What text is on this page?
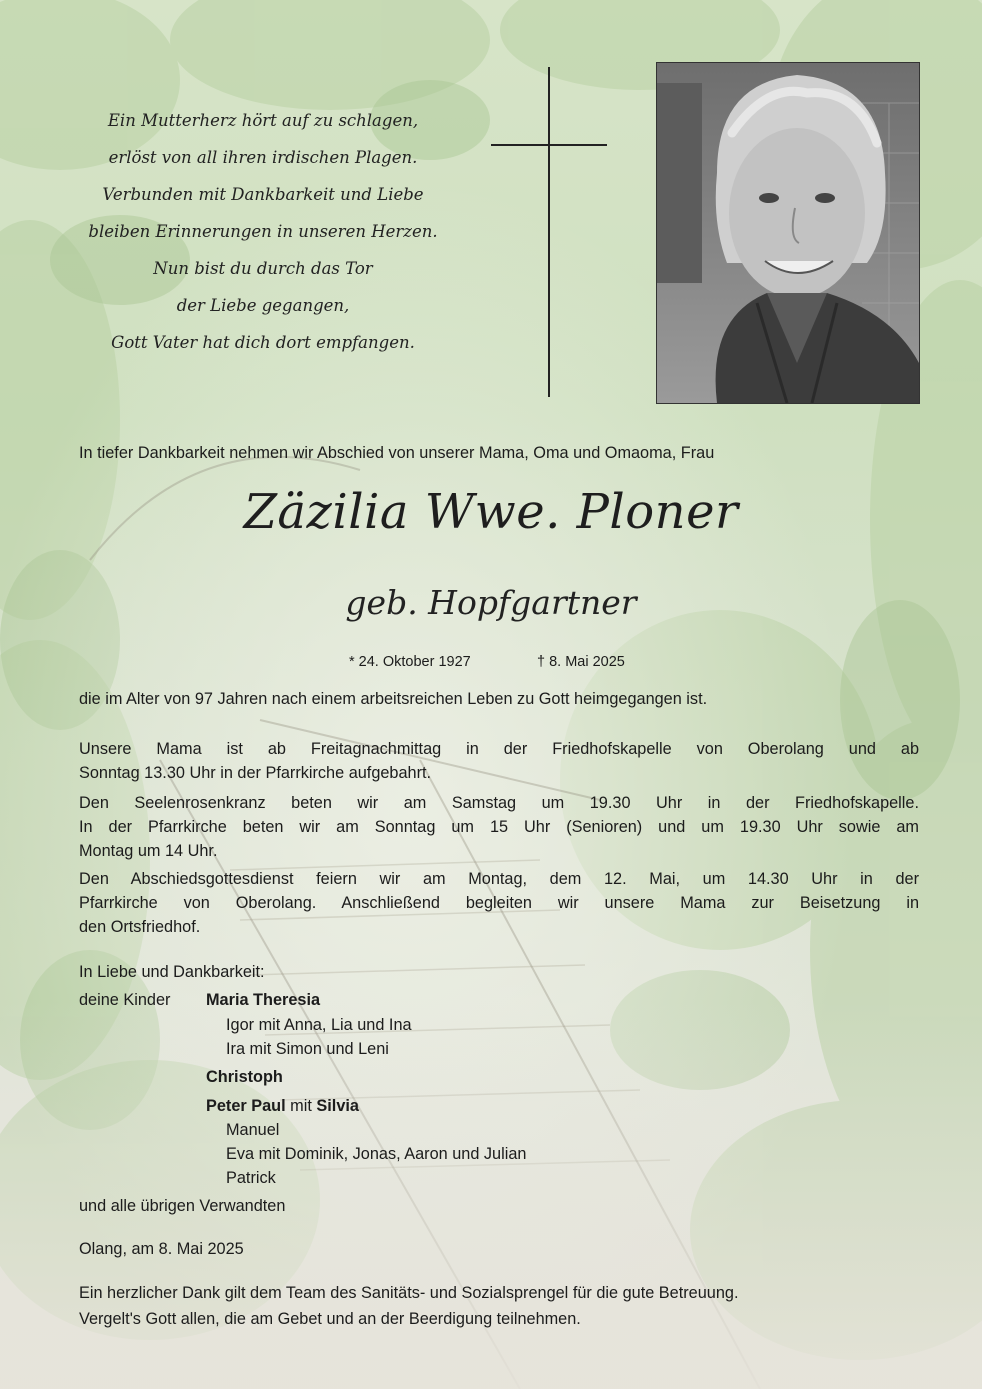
Ein Mutterherz hört auf zu schlagen,
erlöst von all ihren irdischen Plagen.
Verbunden mit Dankbarkeit und Liebe
bleiben Erinnerungen in unseren Herzen.
Nun bist du durch das Tor
der Liebe gegangen,
Gott Vater hat dich dort empfangen.
In tiefer Dankbarkeit nehmen wir Abschied von unserer Mama, Oma und Omaoma, Frau
Zäzilia Wwe. Ploner
geb. Hopfgartner
* 24. Oktober 1927	† 8. Mai 2025
die im Alter von 97 Jahren nach einem arbeitsreichen Leben zu Gott heimgegangen ist.
Unsere Mama ist ab Freitagnachmittag in der Friedhofskapelle von Oberolang und ab
Sonntag 13.30 Uhr in der Pfarrkirche aufgebahrt.
Den Seelenrosenkranz beten wir am Samstag um 19.30 Uhr in der Friedhofskapelle.
In der Pfarrkirche beten wir am Sonntag um 15 Uhr (Senioren) und um 19.30 Uhr sowie am
Montag um 14 Uhr.
Den Abschiedsgottesdienst feiern wir am Montag, dem 12. Mai, um 14.30 Uhr in der
Pfarrkirche von Oberolang. Anschließend begleiten wir unsere Mama zur Beisetzung in
den Ortsfriedhof.
In Liebe und Dankbarkeit:
deine Kinder Maria Theresia
Igor mit Anna, Lia und Ina
Ira mit Simon und Leni
Christoph
Peter Paul mit Silvia
Manuel
Eva mit Dominik, Jonas, Aaron und Julian
Patrick
und alle übrigen Verwandten
Olang, am 8. Mai 2025
Ein herzlicher Dank gilt dem Team des Sanitäts- und Sozialsprengel für die gute Betreuung.
Vergelt's Gott allen, die am Gebet und an der Beerdigung teilnehmen.
